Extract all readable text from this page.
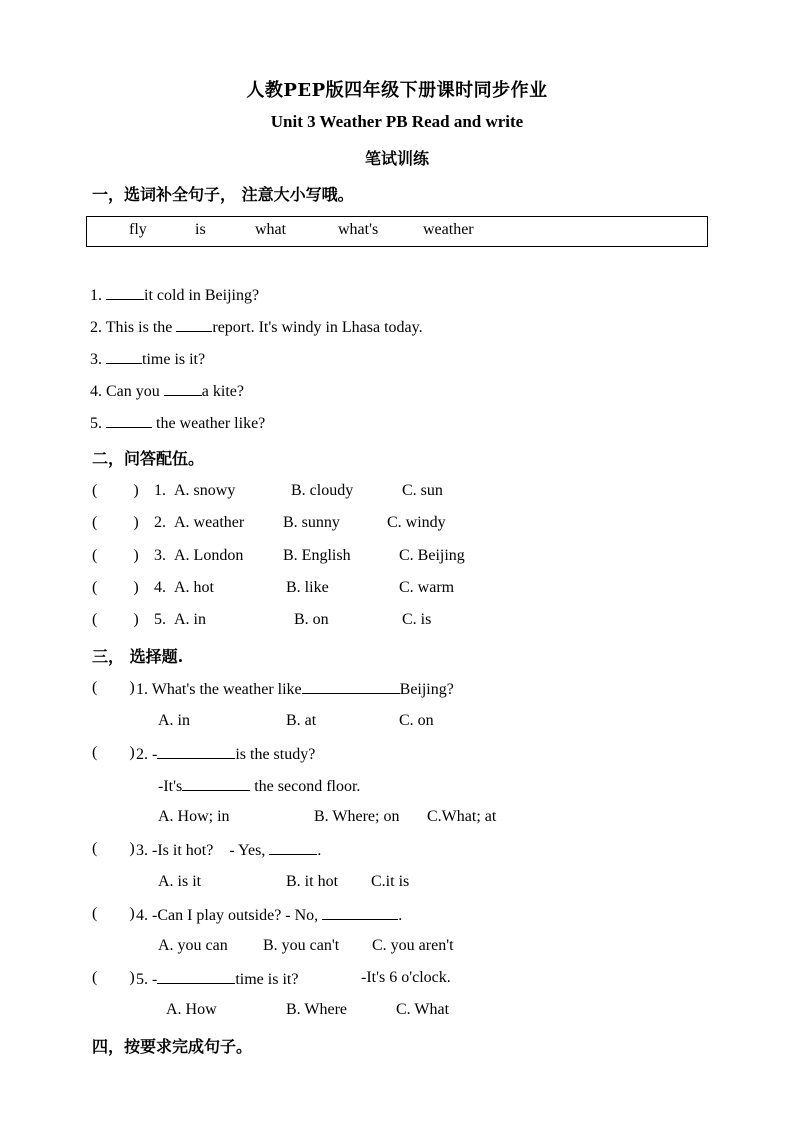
人教PEP版四年级下册课时同步作业
Unit 3 Weather PB Read and write
笔试训练
一，选词补全句子， 注意大小写哦。
fly	is	what	what's	weather
1.	it cold in Beijing?
2. This is the	report. It's windy in Lhasa today.
3.	time is it?
4. Can you	a kite?
5.	the weather like?
二，问答配伍。
(         ) 1. A. snowy	B. cloudy	C. sun
(         ) 2. A. weather B. sunny	C. windy
(         ) 3. A. London B. English	C. Beijing
(         ) 4. A. hot	B. like	C. warm
(         ) 5. A. in	B. on	C. is
三， 选择题.
(        ) 1. What's the weather like	Beijing?
A. in	B. at	C. on
(        ) 2. -	is the study?
-It's	the second floor.
A. How; in	B. Where; on C.What; at
(        ) 3. -Is it hot?    - Yes,	.
A. is it	B. it hot C.it is
(        ) 4. -Can I play outside? - No,	.
A. you can B. you can't C. you aren't
(        ) 5. -	time is it?	-It's 6 o'clock.
A. How	B. Where	C. What
四，按要求完成句子。
